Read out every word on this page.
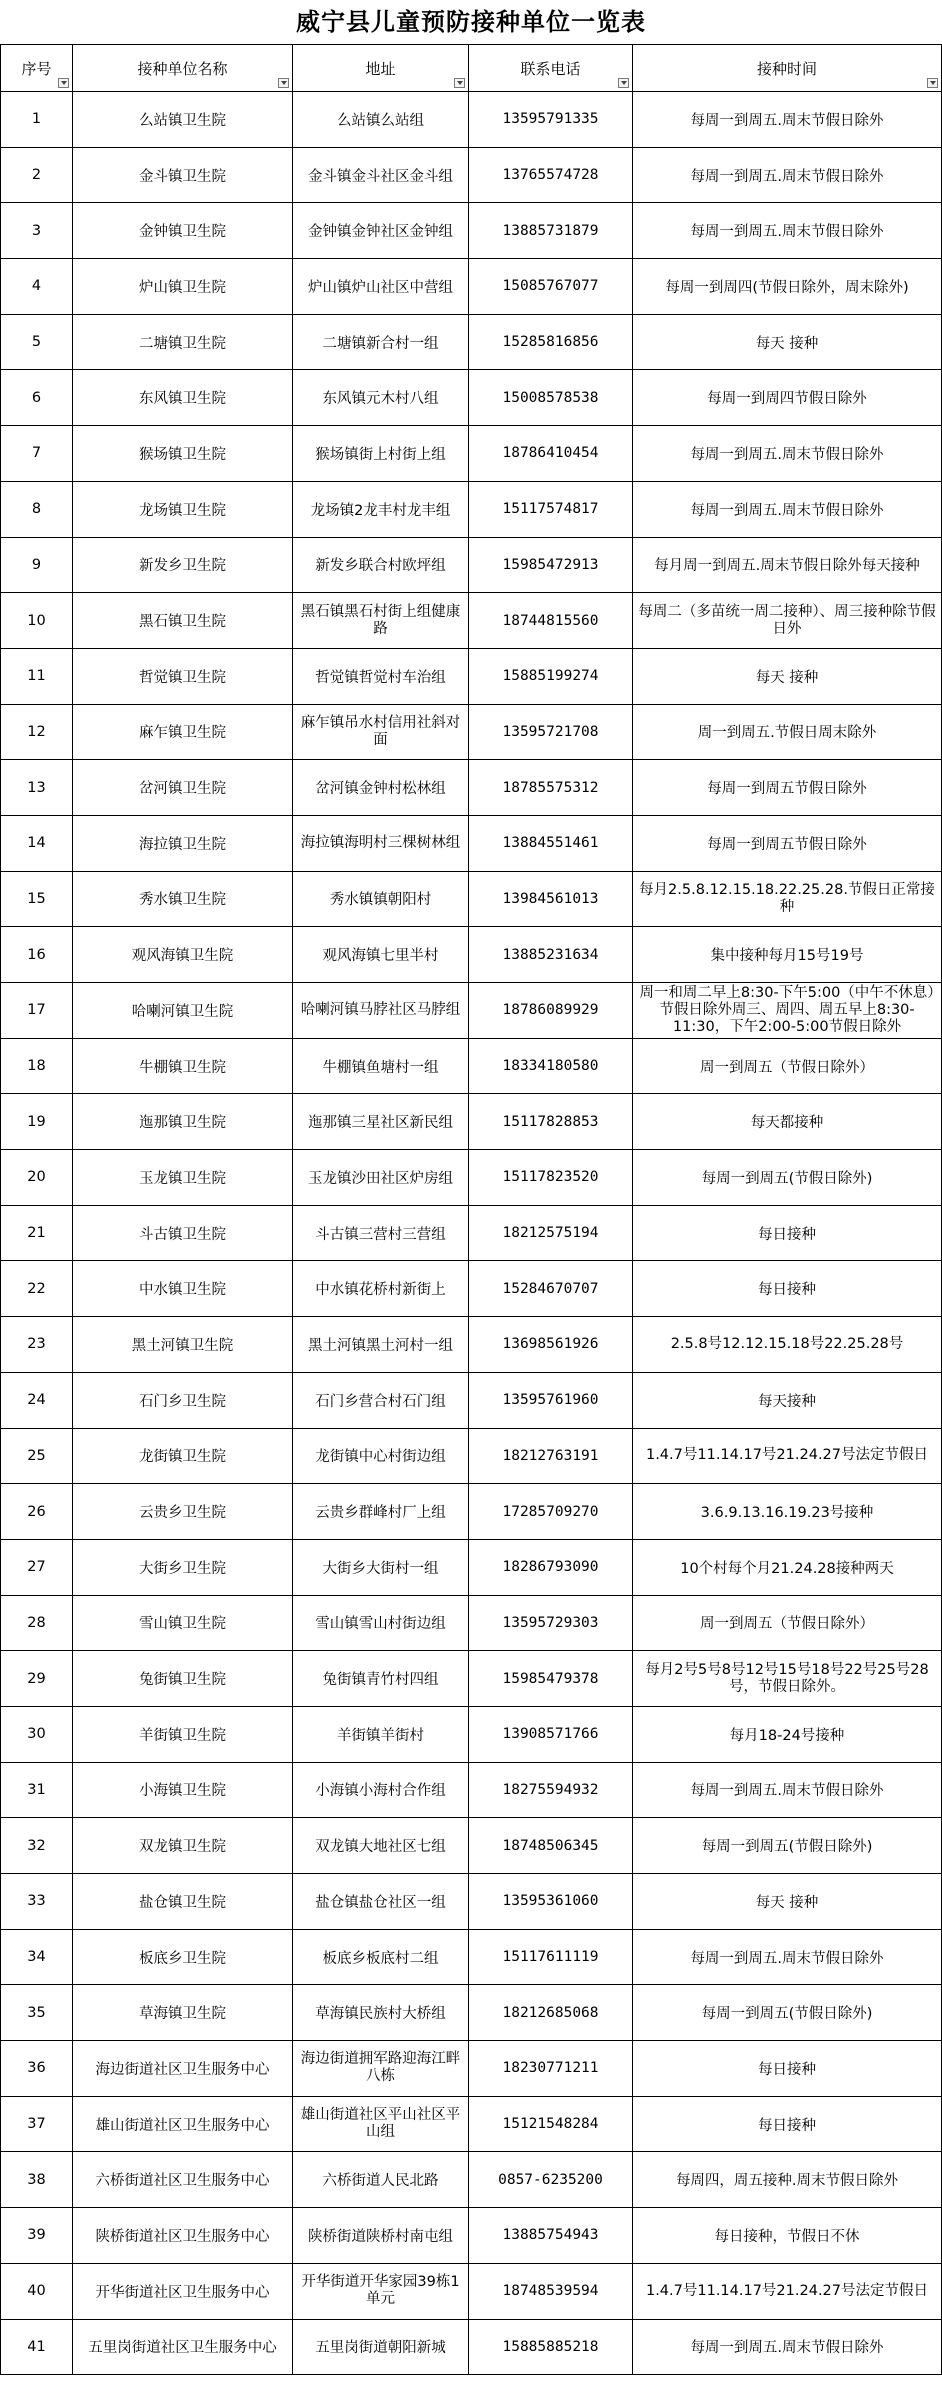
威宁县儿童预防接种单位一览表
序号	接种单位名称	地址	联系电话	接种时间

1	么站镇卫生院	么站镇么站组	13595791335	每周一到周五.周末节假日除外
2	金斗镇卫生院	金斗镇金斗社区金斗组	13765574728	每周一到周五.周末节假日除外
3	金钟镇卫生院	金钟镇金钟社区金钟组	13885731879	每周一到周五.周末节假日除外
4	炉山镇卫生院	炉山镇炉山社区中营组	15085767077	每周一到周四(节假日除外，周末除外)
5	二塘镇卫生院	二塘镇新合村一组	15285816856	每天 接种
6	东风镇卫生院	东风镇元木村八组	15008578538	每周一到周四节假日除外
7	猴场镇卫生院	猴场镇街上村街上组	18786410454	每周一到周五.周末节假日除外
8	龙场镇卫生院	龙场镇2龙丰村龙丰组	15117574817	每周一到周五.周末节假日除外
9	新发乡卫生院	新发乡联合村欧坪组	15985472913	每月周一到周五.周末节假日除外每天接种
10	黑石镇卫生院	黑石镇黑石村街上组健康路	18744815560	每周二（多苗统一周二接种）、周三接种除节假日外
11	哲觉镇卫生院	哲觉镇哲觉村车治组	15885199274	每天 接种
12	麻乍镇卫生院	麻乍镇吊水村信用社斜对面	13595721708	周一到周五.节假日周末除外
13	岔河镇卫生院	岔河镇金钟村松林组	18785575312	每周一到周五节假日除外
14	海拉镇卫生院	海拉镇海明村三棵树林组	13884551461	每周一到周五节假日除外
15	秀水镇卫生院	秀水镇镇朝阳村	13984561013	每月2.5.8.12.15.18.22.25.28.节假日正常接种
16	观风海镇卫生院	观风海镇七里半村	13885231634	集中接种每月15号19号
17	哈喇河镇卫生院	哈喇河镇马脖社区马脖组	18786089929	周一和周二早上8:30-下午5:00（中午不休息）节假日除外周三、周四、周五早上8:30-11:30，下午2:00-5:00节假日除外
18	牛棚镇卫生院	牛棚镇鱼塘村一组	18334180580	周一到周五（节假日除外）
19	迤那镇卫生院	迤那镇三星社区新民组	15117828853	每天都接种
20	玉龙镇卫生院	玉龙镇沙田社区炉房组	15117823520	每周一到周五(节假日除外)
21	斗古镇卫生院	斗古镇三营村三营组	18212575194	每日接种
22	中水镇卫生院	中水镇花桥村新街上	15284670707	每日接种
23	黑土河镇卫生院	黑土河镇黑土河村一组	13698561926	2.5.8号12.12.15.18号22.25.28号
24	石门乡卫生院	石门乡营合村石门组	13595761960	每天接种
25	龙街镇卫生院	龙街镇中心村街边组	18212763191	1.4.7号11.14.17号21.24.27号法定节假日
26	云贵乡卫生院	云贵乡群峰村厂上组	17285709270	3.6.9.13.16.19.23号接种
27	大街乡卫生院	大街乡大街村一组	18286793090	10个村每个月21.24.28接种两天
28	雪山镇卫生院	雪山镇雪山村街边组	13595729303	周一到周五（节假日除外）
29	兔街镇卫生院	兔街镇青竹村四组	15985479378	每月2号5号8号12号15号18号22号25号28号，节假日除外。
30	羊街镇卫生院	羊街镇羊街村	13908571766	每月18-24号接种
31	小海镇卫生院	小海镇小海村合作组	18275594932	每周一到周五.周末节假日除外
32	双龙镇卫生院	双龙镇大地社区七组	18748506345	每周一到周五(节假日除外)
33	盐仓镇卫生院	盐仓镇盐仓社区一组	13595361060	每天 接种
34	板底乡卫生院	板底乡板底村二组	15117611119	每周一到周五.周末节假日除外
35	草海镇卫生院	草海镇民族村大桥组	18212685068	每周一到周五(节假日除外)
36	海边街道社区卫生服务中心	海边街道拥军路迎海江畔八栋	18230771211	每日接种
37	雄山街道社区卫生服务中心	雄山街道社区平山社区平山组	15121548284	每日接种
38	六桥街道社区卫生服务中心	六桥街道人民北路	0857-6235200	每周四，周五接种.周末节假日除外
39	陕桥街道社区卫生服务中心	陕桥街道陕桥村南屯组	13885754943	每日接种，节假日不休
40	开华街道社区卫生服务中心	开华街道开华家园39栋1单元	18748539594	1.4.7号11.14.17号21.24.27号法定节假日
41	五里岗街道社区卫生服务中心	五里岗街道朝阳新城	15885885218	每周一到周五.周末节假日除外
